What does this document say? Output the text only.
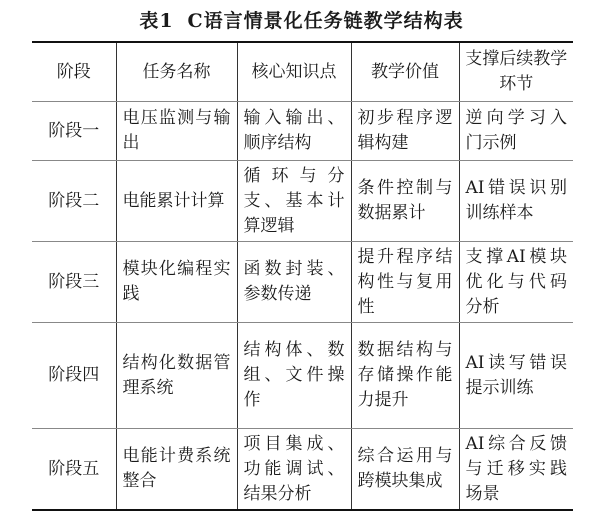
表1 C语言情景化任务链教学结构表
阶段	任务名称	核心知识点	教学价值	支撑后续教学环节
阶段一	电压监测与输出	输入输出、顺序结构	初步程序逻辑构建	逆向学习入门示例
阶段二	电能累计计算	循环与分支、基本计算逻辑	条件控制与数据累计	AI错误识别训练样本
阶段三	模块化编程实践	函数封装、参数传递	提升程序结构性与复用性	支撑AI模块优化与代码分析
阶段四	结构化数据管理系统	结构体、数组、文件操作	数据结构与存储操作能力提升	AI读写错误提示训练
阶段五	电能计费系统整合	项目集成、功能调试、结果分析	综合运用与跨模块集成	AI综合反馈与迁移实践场景
